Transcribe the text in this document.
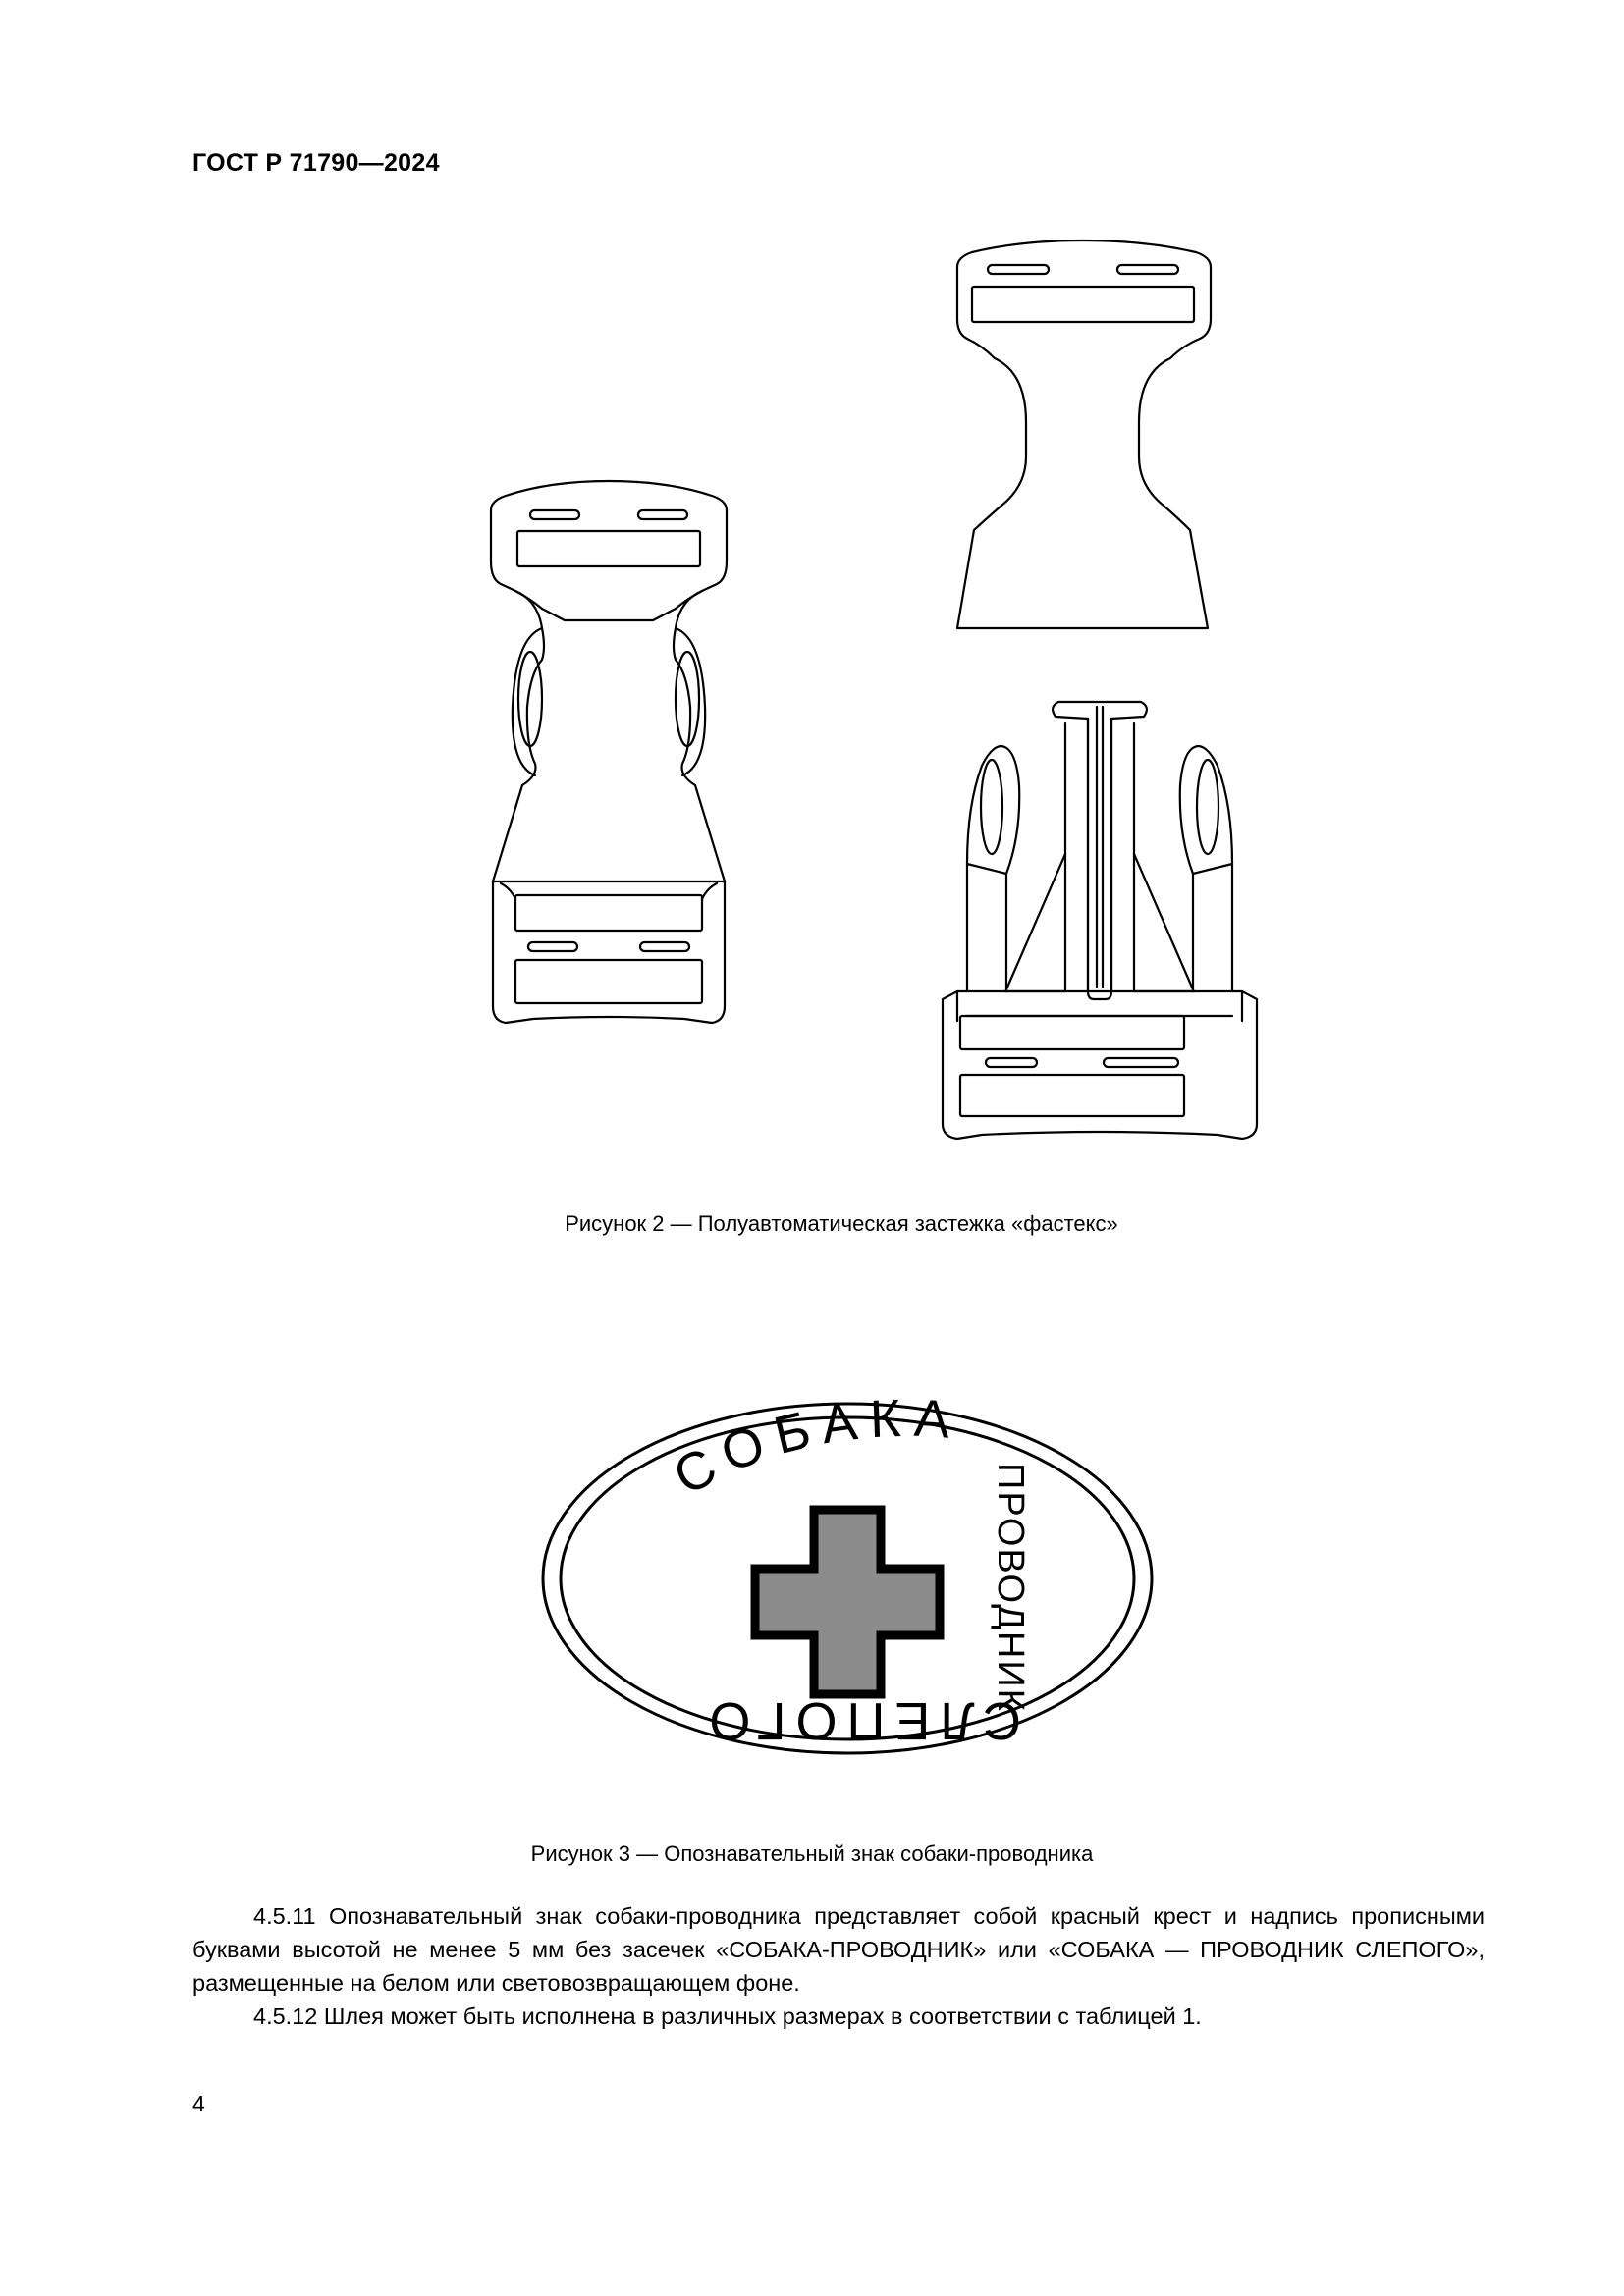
ГОСТ Р 71790—2024
СОБАКА
ПРОВОДНИК
СЛЕПОГО
Рисунок 2 — Полуавтоматическая застежка «фастекс»
Рисунок 3 — Опознавательный знак собаки-проводника

4.5.11 Опознавательный знак собаки-проводника представляет собой красный крест и надпись прописными буквами высотой не менее 5 мм без засечек «СОБАКА-ПРОВОДНИК» или «СОБАКА — ПРОВОДНИК СЛЕПОГО», размещенные на белом или световозвращающем фоне.

4.5.12 Шлея может быть исполнена в различных размерах в соответствии с таблицей 1.

4
